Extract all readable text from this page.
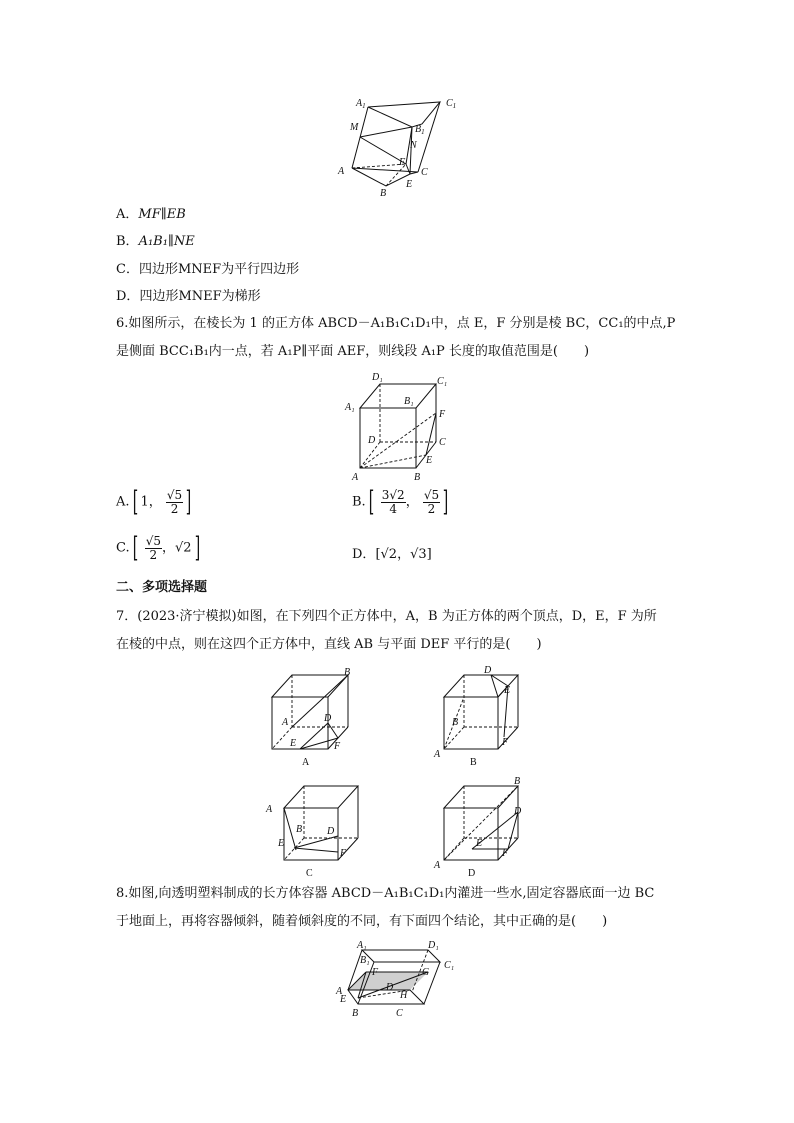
$A_1$	$C_1$
M	$B_1$
N
F
A
E
C
B
A．MF∥EB
B．A₁B₁∥NE
C．四边形MNEF为平行四边形
D．四边形MNEF为梯形
6.如图所示，在棱长为 1 的正方体 ABCD－A₁B₁C₁D₁中，点 E，F 分别是棱 BC，CC₁的中点,P
是侧面 BCC₁B₁内一点，若 A₁P∥平面 AEF，则线段 A₁P 长度的取值范围是(　　)
D₁	C₁
A₁
B₁
F
D	C
E
A	B
A.[ 1， $\frac{√5}{2}$ ]	$B.[ \frac{3√2}{4}$ ， $\frac{√5}{2}$ ]
$C.[ \frac{√5}{2}$ ，√2]	D．[√2，√3]
二、多项选择题
7．(2023·济宁模拟)如图，在下列四个正方体中，A，B 为正方体的两个顶点，D，E，F 为所
在棱的中点，则在这四个正方体中，直线 AB 与平面 DEF 平行的是(　　)
B
A	D
E	F
A
D
E
B
F
A
B
A
B D
E
F
C
B
D
E
F
A
D
8.如图,向透明塑料制成的长方体容器 ABCD－A₁B₁C₁D₁内灌进一些水,固定容器底面一边 BC
于地面上，再将容器倾斜，随着倾斜度的不同，有下面四个结论，其中正确的是(　　)
A₁	D₁
B₁	C₁
F	G
D
A
E	H
B	C
